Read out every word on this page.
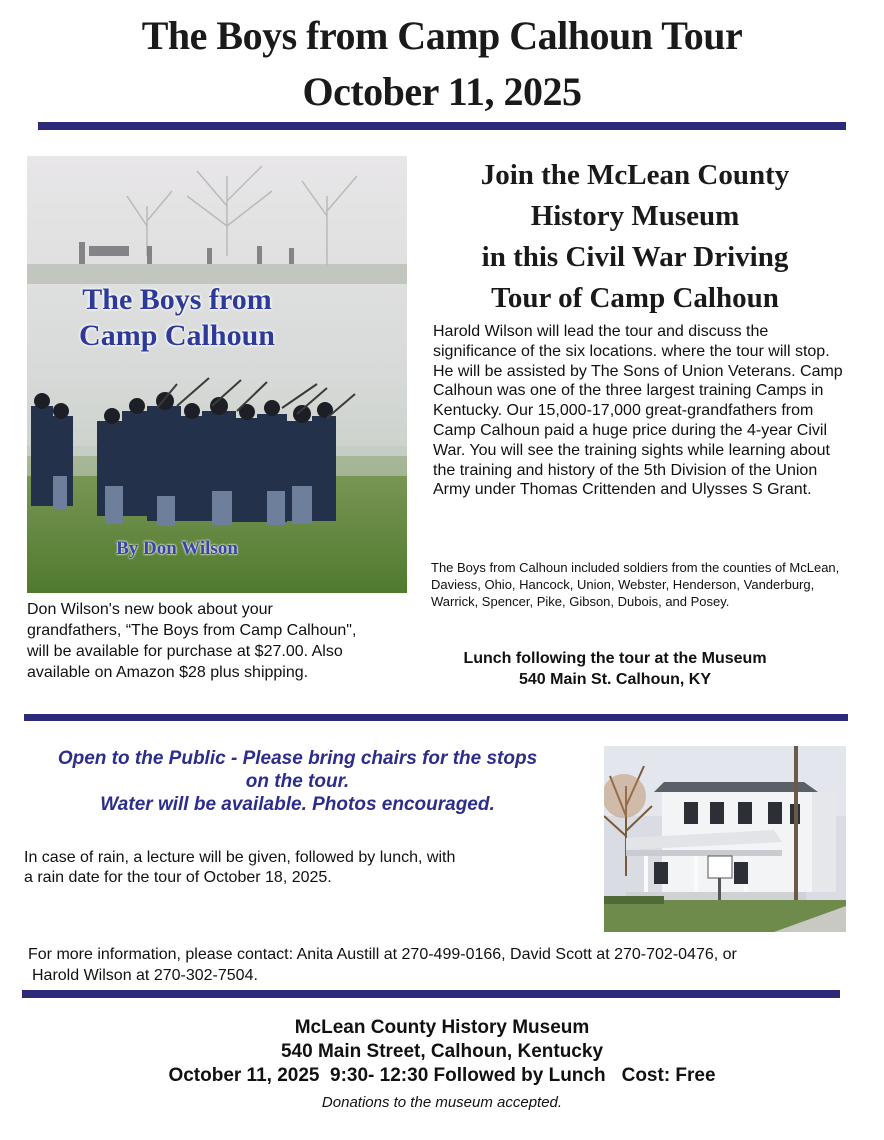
The Boys from Camp Calhoun Tour
October 11, 2025
The Boys from
Camp Calhoun
By Don Wilson
Don Wilson's new book about your
grandfathers, “The Boys from Camp Calhoun",
will be available for purchase at $27.00. Also
available on Amazon $28 plus shipping.
Join the McLean County
History Museum
in this Civil War Driving
Tour of Camp Calhoun
Harold Wilson will lead the tour and discuss the significance of the six locations. where the tour will stop. He will be assisted by The Sons of Union Veterans. Camp Calhoun was one of the three largest training Camps in Kentucky. Our 15,000-17,000 great-grandfathers from Camp Calhoun paid a huge price during the 4-year Civil War. You will see the training sights while learning about the training and history of the 5th Division of the Union Army under Thomas Crittenden and Ulysses S Grant.
The Boys from Calhoun included soldiers from the counties of McLean, Daviess, Ohio, Hancock, Union, Webster, Henderson, Vanderburg, Warrick, Spencer, Pike, Gibson, Dubois, and Posey.
Lunch following the tour at the Museum
540 Main St. Calhoun, KY
Open to the Public - Please bring chairs for the stops
on the tour.
Water will be available. Photos encouraged.
In case of rain, a lecture will be given, followed by lunch, with
a rain date for the tour of October 18, 2025.
For more information, please contact: Anita Austill at 270-499-0166, David Scott at 270-702-0476, or
Harold Wilson at 270-302-7504.
McLean County History Museum
540 Main Street, Calhoun, Kentucky
October 11, 2025  9:30- 12:30 Followed by Lunch Cost: Free
Donations to the museum accepted.
